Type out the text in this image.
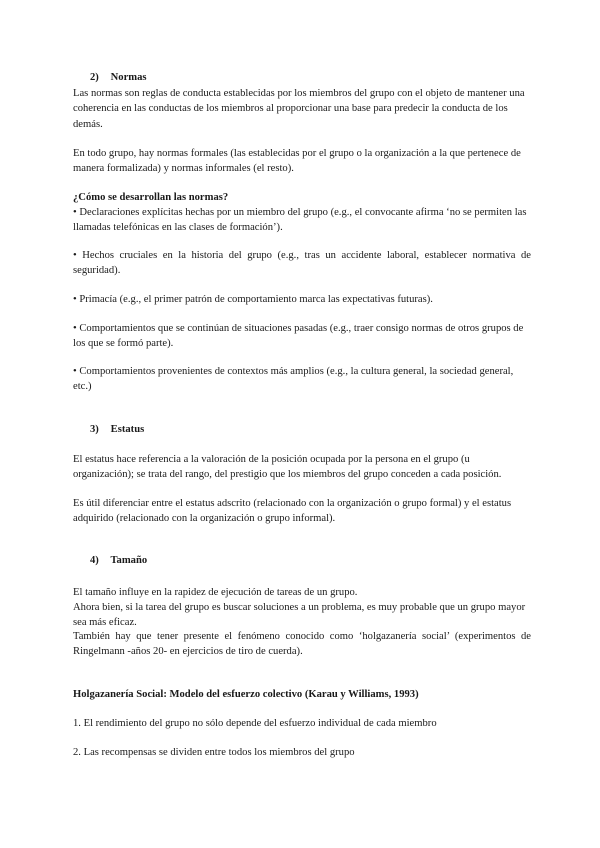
2) Normas

Las normas son reglas de conducta establecidas por los miembros del grupo con el objeto de mantener una coherencia en las conductas de los miembros al proporcionar una base para predecir la conducta de los demás.

En todo grupo, hay normas formales (las establecidas por el grupo o la organización a la que pertenece de manera formalizada) y normas informales (el resto).

¿Cómo se desarrollan las normas?

• Declaraciones explícitas hechas por un miembro del grupo (e.g., el convocante afirma ‘no se permiten las llamadas telefónicas en las clases de formación’).

• Hechos cruciales en la historia del grupo (e.g., tras un accidente laboral, establecer normativa de seguridad).

• Primacía (e.g., el primer patrón de comportamiento marca las expectativas futuras).

• Comportamientos que se continúan de situaciones pasadas (e.g., traer consigo normas de otros grupos de los que se formó parte).

• Comportamientos provenientes de contextos más amplios (e.g., la cultura general, la sociedad general, etc.)

3) Estatus

El estatus hace referencia a la valoración de la posición ocupada por la persona en el grupo (u organización); se trata del rango, del prestigio que los miembros del grupo conceden a cada posición.

Es útil diferenciar entre el estatus adscrito (relacionado con la organización o grupo formal) y el estatus adquirido (relacionado con la organización o grupo informal).

4) Tamaño

El tamaño influye en la rapidez de ejecución de tareas de un grupo.

Ahora bien, si la tarea del grupo es buscar soluciones a un problema, es muy probable que un grupo mayor sea más eficaz.

También hay que tener presente el fenómeno conocido como ‘holgazanería social’ (experimentos de Ringelmann -años 20- en ejercicios de tiro de cuerda).

Holgazanería Social: Modelo del esfuerzo colectivo (Karau y Williams, 1993)

1. El rendimiento del grupo no sólo depende del esfuerzo individual de cada miembro

2. Las recompensas se dividen entre todos los miembros del grupo
